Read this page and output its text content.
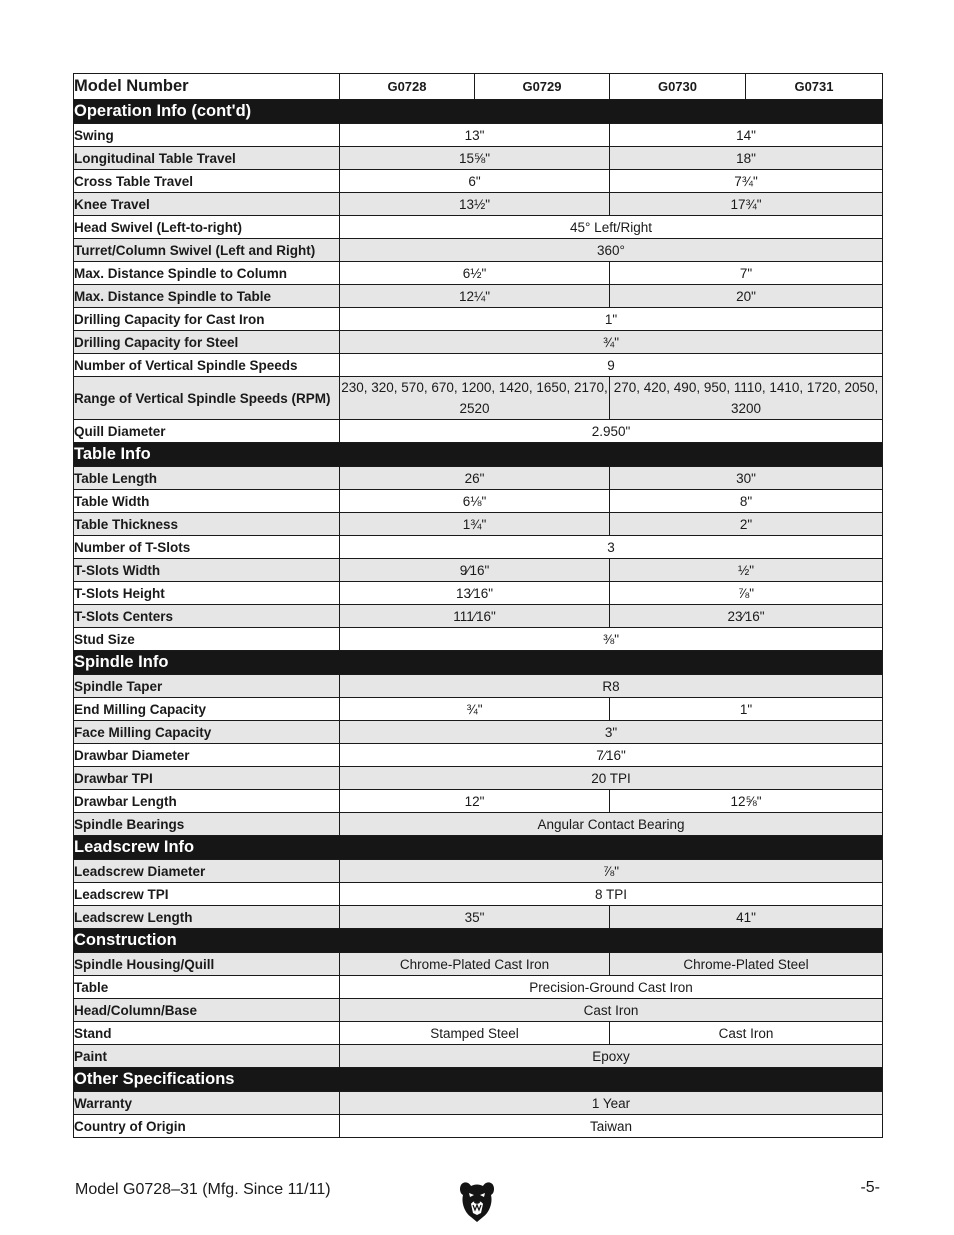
Model Number	G0728	G0729	G0730	G0731
Operation Info (cont'd)				
Swing	13"		14"	
Longitudinal Table Travel	15⅝"		18"	
Cross Table Travel	6"		7¾"	
Knee Travel	13½"		17¾"	
Head Swivel (Left-to-right)	45° Left/Right			
Turret/Column Swivel (Left and Right)	360°			
Max. Distance Spindle to Column	6½"		7"	
Max. Distance Spindle to Table	12¼"		20"	
Drilling Capacity for Cast Iron	1"			
Drilling Capacity for Steel	¾"			
Number of Vertical Spindle Speeds	9			
Range of Vertical Spindle Speeds (RPM)	230, 320, 570, 670, 1200, 1420, 1650, 2170, 2520		270, 420, 490, 950, 1110, 1410, 1720, 2050, 3200	
Quill Diameter	2.950"			
Table Info				
Table Length	26"		30"	
Table Width	6⅛"		8"	
Table Thickness	1¾"		2"	
Number of T-Slots	3			
T-Slots Width	9⁄16"		½"	
T-Slots Height	13⁄16"		⅞"	
T-Slots Centers	111⁄16"		23⁄16"	
Stud Size	⅜"			
Spindle Info				
Spindle Taper	R8			
End Milling Capacity	¾"		1"	
Face Milling Capacity	3"			
Drawbar Diameter	7⁄16"			
Drawbar TPI	20 TPI			
Drawbar Length	12"		12⅝"	
Spindle Bearings	Angular Contact Bearing			
Leadscrew Info				
Leadscrew Diameter	⅞"			
Leadscrew TPI	8 TPI			
Leadscrew Length	35"		41"	
Construction				
Spindle Housing/Quill	Chrome-Plated Cast Iron		Chrome-Plated Steel	
Table	Precision-Ground Cast Iron			
Head/Column/Base	Cast Iron			
Stand	Stamped Steel		Cast Iron	
Paint	Epoxy			
Other Specifications				
Warranty	1 Year			
Country of Origin	Taiwan			
Model G0728–31 (Mfg. Since 11/11)	-5-
